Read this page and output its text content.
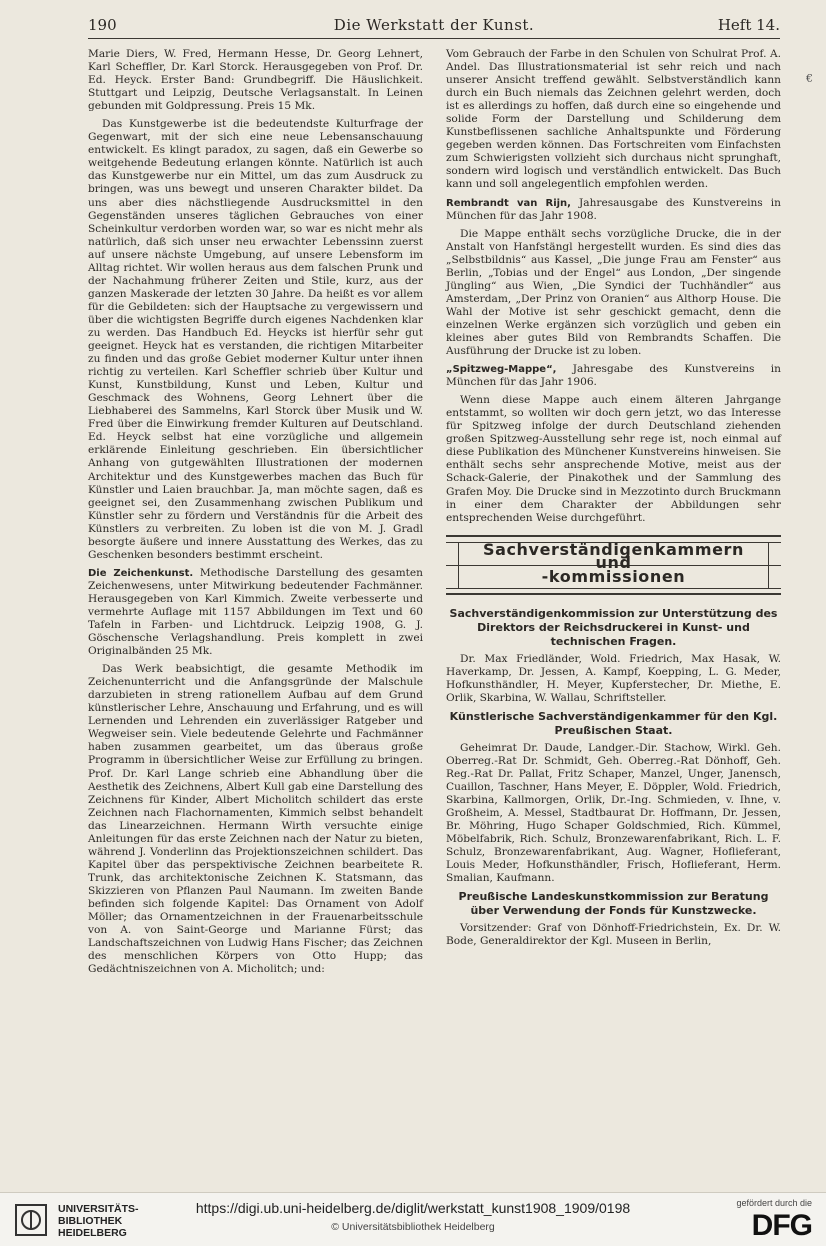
190	Die Werkstatt der Kunst.	Heft 14.
€

Marie Diers, W. Fred, Hermann Hesse, Dr. Georg Lehnert, Karl Scheffler, Dr. Karl Storck. Herausgegeben von Prof. Dr. Ed. Heyck. Erster Band: Grundbegriff. Die Häuslichkeit. Stuttgart und Leipzig, Deutsche Verlagsanstalt. In Leinen gebunden mit Goldpressung. Preis 15 Mk.

Das Kunstgewerbe ist die bedeutendste Kulturfrage der Gegenwart, mit der sich eine neue Lebensanschauung entwickelt. Es klingt paradox, zu sagen, daß ein Gewerbe so weitgehende Bedeutung erlangen könnte. Natürlich ist auch das Kunstgewerbe nur ein Mittel, um das zum Ausdruck zu bringen, was uns bewegt und unseren Charakter bildet. Da uns aber dies nächstliegende Ausdrucksmittel in den Gegenständen unseres täglichen Gebrauches von einer Scheinkultur verdorben worden war, so war es nicht mehr als natürlich, daß sich unser neu erwachter Lebenssinn zuerst auf unsere nächste Umgebung, auf unsere Lebensform im Alltag richtet. Wir wollen heraus aus dem falschen Prunk und der Nachahmung früherer Zeiten und Stile, kurz, aus der ganzen Maskerade der letzten 30 Jahre. Da heißt es vor allem für die Gebildeten: sich der Hauptsache zu vergewissern und über die wichtigsten Begriffe durch eigenes Nachdenken klar zu werden. Das Handbuch Ed. Heycks ist hierfür sehr gut geeignet. Heyck hat es verstanden, die richtigen Mitarbeiter zu finden und das große Gebiet moderner Kultur unter ihnen richtig zu verteilen. Karl Scheffler schrieb über Kultur und Kunst, Kunstbildung, Kunst und Leben, Kultur und Geschmack des Wohnens, Georg Lehnert über die Liebhaberei des Sammelns, Karl Storck über Musik und W. Fred über die Einwirkung fremder Kulturen auf Deutschland. Ed. Heyck selbst hat eine vorzügliche und allgemein erklärende Einleitung geschrieben. Ein übersichtlicher Anhang von gutgewählten Illustrationen der modernen Architektur und des Kunstgewerbes machen das Buch für Künstler und Laien brauchbar. Ja, man möchte sagen, daß es geeignet sei, den Zusammenhang zwischen Publikum und Künstler sehr zu fördern und Verständnis für die Arbeit des Künstlers zu verbreiten. Zu loben ist die von M. J. Gradl besorgte äußere und innere Ausstattung des Werkes, das zu Geschenken besonders bestimmt erscheint.

Die Zeichenkunst. Methodische Darstellung des gesamten Zeichenwesens, unter Mitwirkung bedeutender Fachmänner. Herausgegeben von Karl Kimmich. Zweite verbesserte und vermehrte Auflage mit 1157 Abbildungen im Text und 60 Tafeln in Farben- und Lichtdruck. Leipzig 1908, G. J. Göschensche Verlagshandlung. Preis komplett in zwei Originalbänden 25 Mk.

Das Werk beabsichtigt, die gesamte Methodik im Zeichenunterricht und die Anfangsgründe der Malschule darzubieten in streng rationellem Aufbau auf dem Grund künstlerischer Lehre, Anschauung und Erfahrung, und es will Lernenden und Lehrenden ein zuverlässiger Ratgeber und Wegweiser sein. Viele bedeutende Gelehrte und Fachmänner haben zusammen gearbeitet, um das überaus große Programm in übersichtlicher Weise zur Erfüllung zu bringen. Prof. Dr. Karl Lange schrieb eine Abhandlung über die Aesthetik des Zeichnens, Albert Kull gab eine Darstellung des Zeichnens für Kinder, Albert Micholitch schildert das erste Zeichnen nach Flachornamenten, Kimmich selbst behandelt das Linearzeichnen. Hermann Wirth versuchte einige Anleitungen für das erste Zeichnen nach der Natur zu bieten, während J. Vonderlinn das Projektionszeichnen schildert. Das Kapitel über das perspektivische Zeichnen bearbeitete R. Trunk, das architektonische Zeichnen K. Statsmann, das Skizzieren von Pflanzen Paul Naumann. Im zweiten Bande befinden sich folgende Kapitel: Das Ornament von Adolf Möller; das Ornamentzeichnen in der Frauenarbeitsschule von A. von Saint-George und Marianne Fürst; das Landschaftszeichnen von Ludwig Hans Fischer; das Zeichnen des menschlichen Körpers von Otto Hupp; das Gedächtniszeichnen von A. Micholitch; und:

Vom Gebrauch der Farbe in den Schulen von Schulrat Prof. A. Andel. Das Illustrationsmaterial ist sehr reich und nach unserer Ansicht treffend gewählt. Selbstverständlich kann durch ein Buch niemals das Zeichnen gelehrt werden, doch ist es allerdings zu hoffen, daß durch eine so eingehende und solide Form der Darstellung und Schilderung dem Kunstbeflissenen sachliche Anhaltspunkte und Förderung gegeben werden können. Das Fortschreiten vom Einfachsten zum Schwierigsten vollzieht sich durchaus nicht sprunghaft, sondern wird logisch und verständlich entwickelt. Das Buch kann und soll angelegentlich empfohlen werden.

Rembrandt van Rijn, Jahresausgabe des Kunstvereins in München für das Jahr 1908.

Die Mappe enthält sechs vorzügliche Drucke, die in der Anstalt von Hanfstängl hergestellt wurden. Es sind dies das „Selbstbildnis“ aus Kassel, „Die junge Frau am Fenster“ aus Berlin, „Tobias und der Engel“ aus London, „Der singende Jüngling“ aus Wien, „Die Syndici der Tuchhändler“ aus Amsterdam, „Der Prinz von Oranien“ aus Althorp House. Die Wahl der Motive ist sehr geschickt gemacht, denn die einzelnen Werke ergänzen sich vorzüglich und geben ein kleines aber gutes Bild von Rembrandts Schaffen. Die Ausführung der Drucke ist zu loben.

„Spitzweg-Mappe“, Jahresgabe des Kunstvereins in München für das Jahr 1906.

Wenn diese Mappe auch einem älteren Jahrgange entstammt, so wollten wir doch gern jetzt, wo das Interesse für Spitzweg infolge der durch Deutschland ziehenden großen Spitzweg-Ausstellung sehr rege ist, noch einmal auf diese Publikation des Münchener Kunstvereins hinweisen. Sie enthält sechs sehr ansprechende Motive, meist aus der Schack-Galerie, der Pinakothek und der Sammlung des Grafen Moy. Die Drucke sind in Mezzotinto durch Bruckmann in einer dem Charakter der Abbildungen sehr entsprechenden Weise durchgeführt.

Sachverständigenkammern und
-kommissionen
Sachverständigenkommission zur Unterstützung des Direktors der Reichsdruckerei in Kunst- und technischen Fragen.

Dr. Max Friedländer, Wold. Friedrich, Max Hasak, W. Haverkamp, Dr. Jessen, A. Kampf, Koepping, L. G. Meder, Hofkunsthändler, H. Meyer, Kupferstecher, Dr. Miethe, E. Orlik, Skarbina, W. Wallau, Schriftsteller.

Künstlerische Sachverständigenkammer für den Kgl. Preußischen Staat.

Geheimrat Dr. Daude, Landger.-Dir. Stachow, Wirkl. Geh. Oberreg.-Rat Dr. Schmidt, Geh. Oberreg.-Rat Dönhoff, Geh. Reg.-Rat Dr. Pallat, Fritz Schaper, Manzel, Unger, Janensch, Cuaillon, Taschner, Hans Meyer, E. Döppler, Wold. Friedrich, Skarbina, Kallmorgen, Orlik, Dr.-Ing. Schmieden, v. Ihne, v. Großheim, A. Messel, Stadtbaurat Dr. Hoffmann, Dr. Jessen, Br. Möhring, Hugo Schaper Goldschmied, Rich. Kümmel, Möbelfabrik, Rich. Schulz, Bronzewarenfabrikant, Rich. L. F. Schulz, Bronzewarenfabrikant, Aug. Wagner, Hoflieferant, Louis Meder, Hofkunsthändler, Frisch, Hoflieferant, Herm. Smalian, Kaufmann.

Preußische Landeskunstkommission zur Beratung über Verwendung der Fonds für Kunstzwecke.

Vorsitzender: Graf von Dönhoff-Friedrichstein, Ex. Dr. W. Bode, Generaldirektor der Kgl. Museen in Berlin,

UNIVERSITÄTS-
BIBLIOTHEK
HEIDELBERG
https://digi.ub.uni-heidelberg.de/diglit/werkstatt_kunst1908_1909/0198
© Universitätsbibliothek Heidelberg
gefördert durch die
DFG
